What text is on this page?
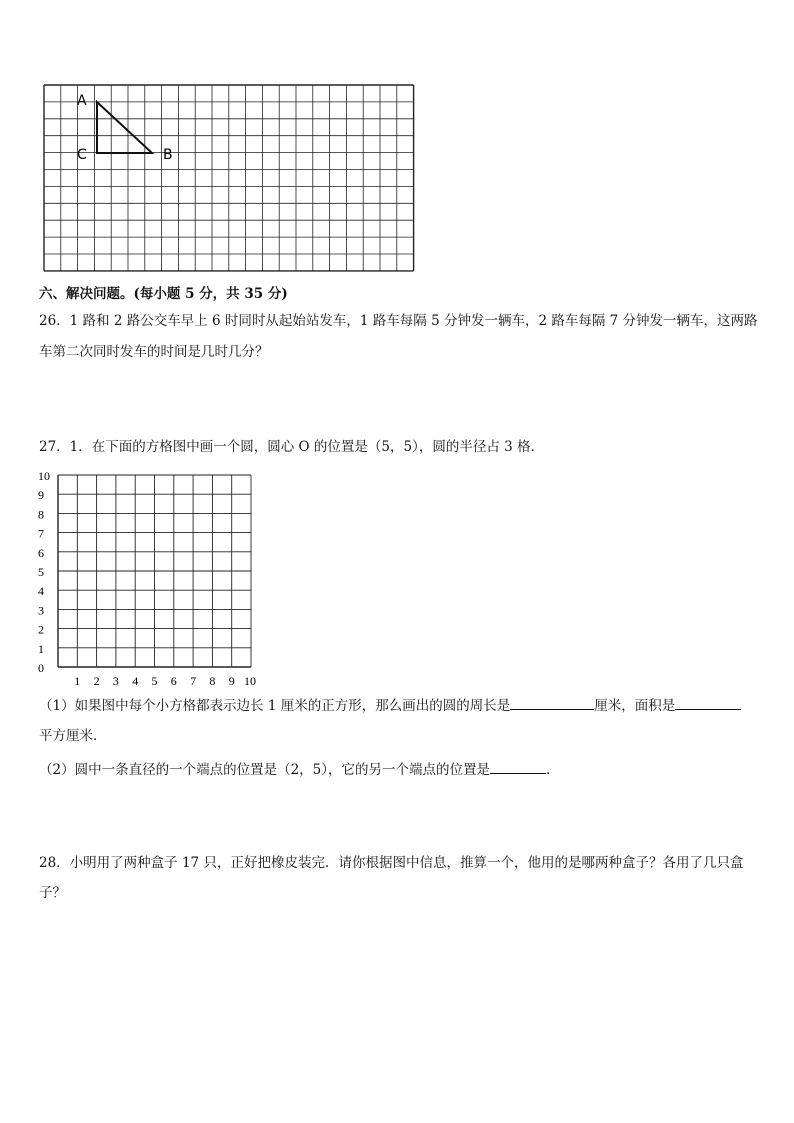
A
C	B
六、解决问题。(每小题 5 分，共 35 分)
26．1 路和 2 路公交车早上 6 时同时从起始站发车，1 路车每隔 5 分钟发一辆车，2 路车每隔 7 分钟发一辆车，这两路
车第二次同时发车的时间是几时几分？
27．1．在下面的方格图中画一个圆，圆心 O 的位置是（5，5），圆的半径占 3 格．
10
9
8
7
6
5
4
3
2
1
0
1 2 3 4 5 6 7 8 9 10
（1）如果图中每个小方格都表示边长 1 厘米的正方形，那么画出的圆的周长是	厘米，面积是
平方厘米．
（2）圆中一条直径的一个端点的位置是（2，5），它的另一个端点的位置是	．
28．小明用了两种盒子 17 只，正好把橡皮装完．请你根据图中信息，推算一个，他用的是哪两种盒子？各用了几只盒
子？
